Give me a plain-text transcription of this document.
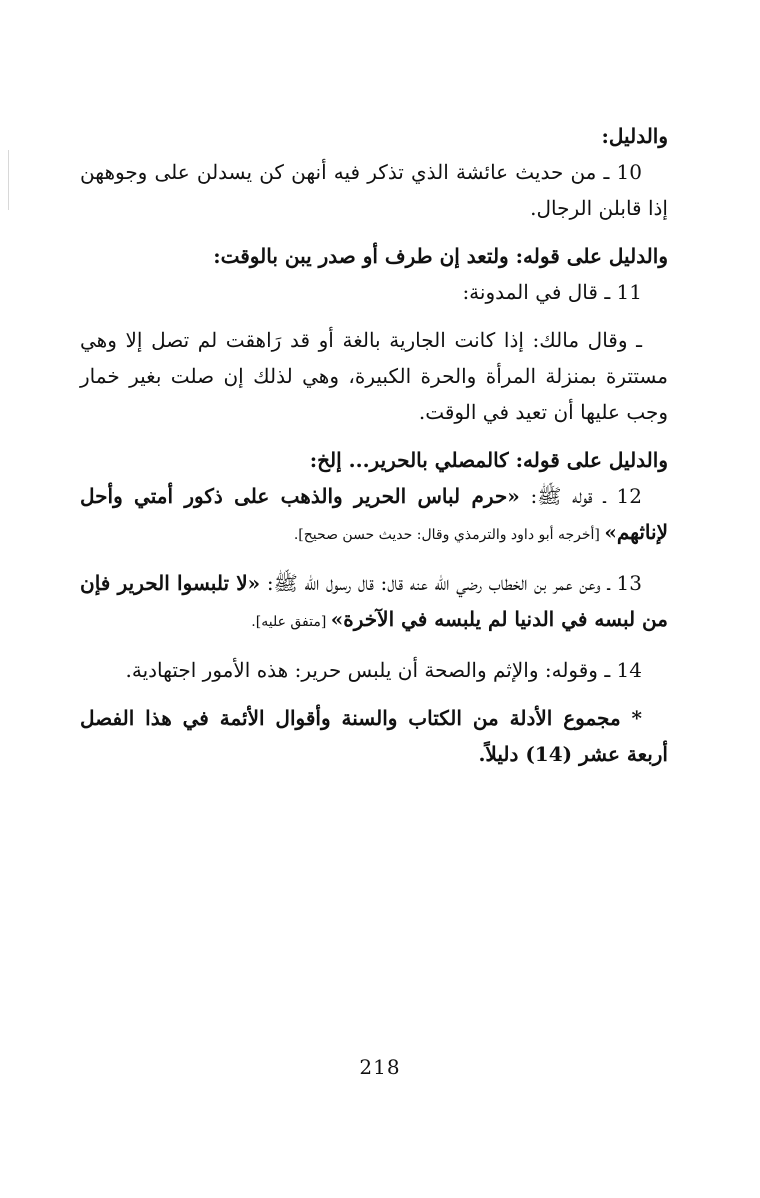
والدليل:

10 ـ من حديث عائشة الذي تذكر فيه أنهن كن يسدلن على وجوههن إذا قابلن الرجال.

والدليل على قوله: ولتعد إن طرف أو صدر يبن بالوقت:

11 ـ قال في المدونة:

ـ وقال مالك: إذا كانت الجارية بالغة أو قد رَاهقت لم تصل إلا وهي مستترة بمنزلة المرأة والحرة الكبيرة، وهي لذلك إن صلت بغير خمار وجب عليها أن تعيد في الوقت.

والدليل على قوله: كالمصلي بالحرير... إلخ:

12 ـ قوله ﷺ: «حرم لباس الحرير والذهب على ذكور أمتي وأحل لإناثهم» [أخرجه أبو داود والترمذي وقال: حديث حسن صحيح].

13 ـ وعن عمر بن الخطاب رضي الله عنه قال: قال رسول الله ﷺ: «لا تلبسوا الحرير فإن من لبسه في الدنيا لم يلبسه في الآخرة» [متفق عليه].

14 ـ وقوله: والإثم والصحة أن يلبس حرير: هذه الأمور اجتهادية.

* مجموع الأدلة من الكتاب والسنة وأقوال الأئمة في هذا الفصل أربعة عشر (14) دليلاً.

218
